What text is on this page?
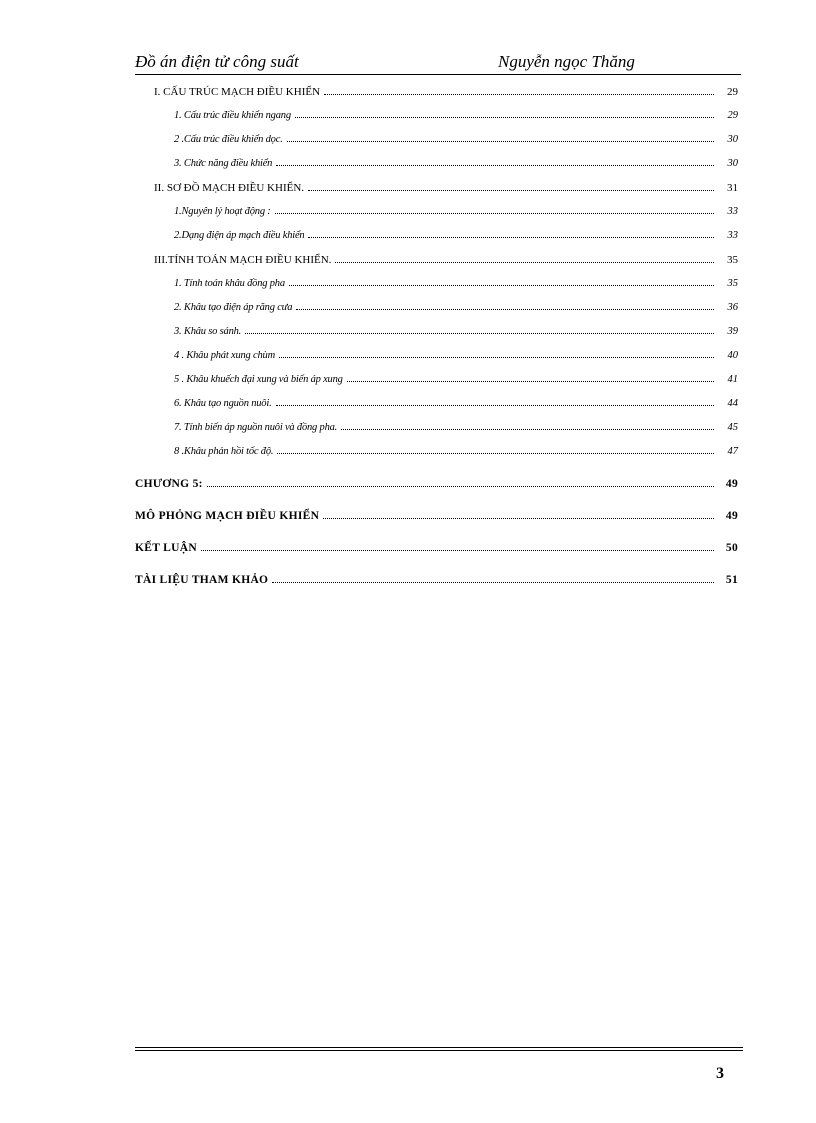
Đồ án điện tử công suất	Nguyễn ngọc Thăng
I. CẤU TRÚC MẠCH ĐIỀU KHIỂN	29
1. Cấu trúc điều khiển ngang	29
2 .Cấu trúc điều khiển dọc.	30
3. Chức năng điều khiển	30
II. SƠ ĐỒ MẠCH ĐIỀU KHIỂN.	31
1.Nguyên lý hoạt động :	33
2.Dạng điện áp mạch điều khiển	33
III.TÍNH TOÁN MẠCH ĐIỀU KHIỂN.	35
1. Tính toán khâu đồng pha	35
2. Khâu tạo điện áp răng cưa	36
3. Khâu so sánh.	39
4 . Khâu phát xung chùm	40
5 . Khâu khuếch đại xung và biến áp xung	41
6. Khâu tạo nguồn nuôi.	44
7. Tính biến áp nguồn nuôi và đồng pha.	45
8 .Khâu phản hồi tốc độ.	47
CHƯƠNG 5:	49
MÔ PHỎNG MẠCH ĐIỀU KHIỂN	49
KẾT LUẬN	50
TÀI LIỆU THAM KHẢO	51
3
